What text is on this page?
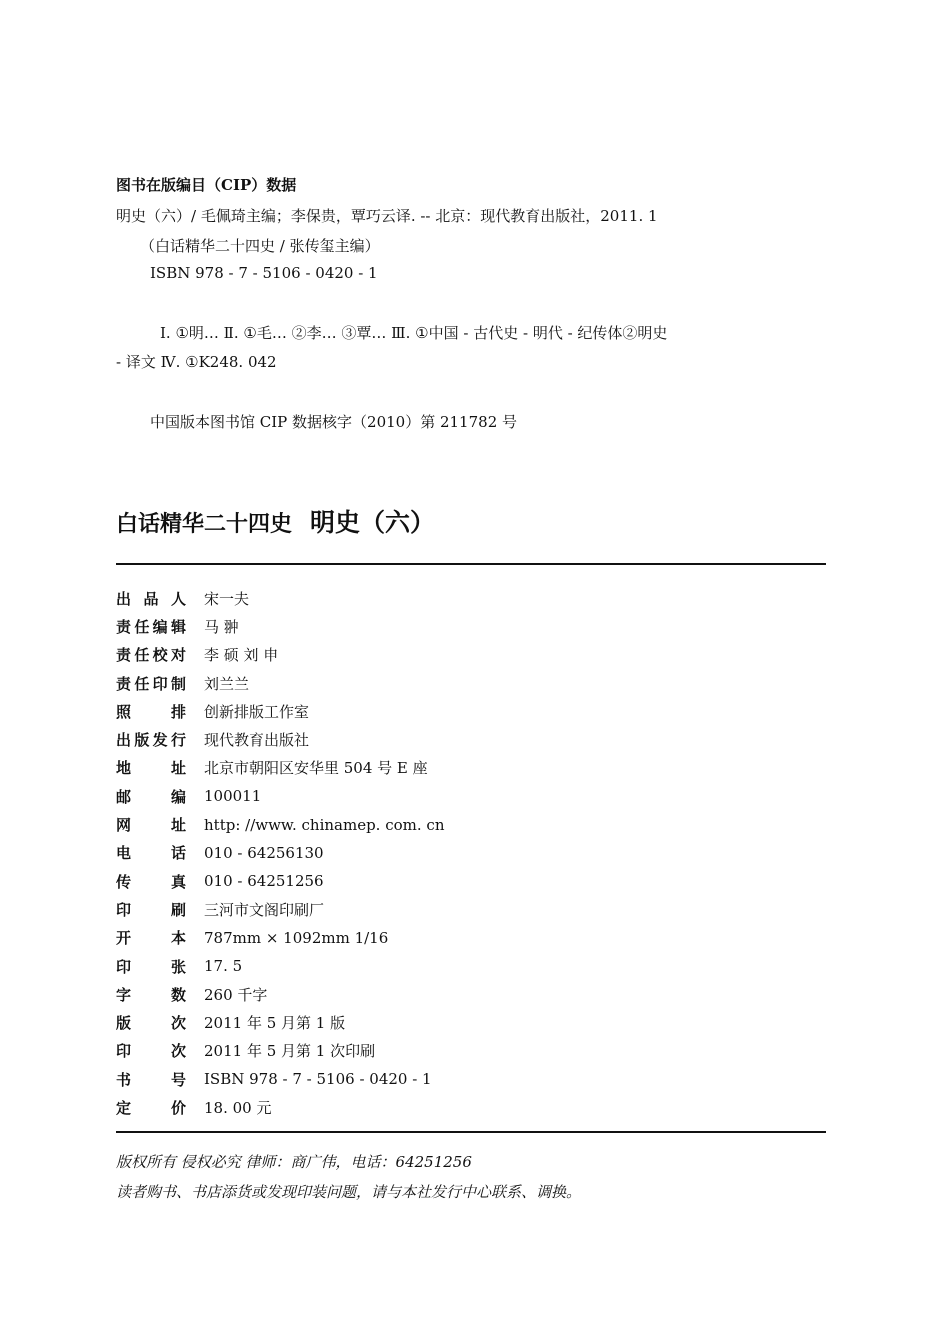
图书在版编目（CIP）数据
明史（六）/ 毛佩琦主编；李保贵，覃巧云译. -- 北京：现代教育出版社，2011. 1
（白话精华二十四史 / 张传玺主编）
ISBN 978 - 7 - 5106 - 0420 - 1
Ⅰ. ①明… Ⅱ. ①毛… ②李… ③覃… Ⅲ. ①中国 - 古代史 - 明代 - 纪传体②明史
- 译文 Ⅳ. ①K248. 042
中国版本图书馆 CIP 数据核字（2010）第 211782 号
白话精华二十四史 明史（六）
出品人 宋一夫
责任编辑 马 翀
责任校对 李 硕 刘 申
责任印制 刘兰兰
照排 创新排版工作室
出版发行 现代教育出版社
地址 北京市朝阳区安华里 504 号 E 座
邮编 100011
网址 http: //www. chinamep. com. cn
电话 010 - 64256130
传真 010 - 64251256
印刷 三河市文阁印刷厂
开本 787mm × 1092mm 1/16
印张 17. 5
字数 260 千字
版次 2011 年 5 月第 1 版
印次 2011 年 5 月第 1 次印刷
书号 ISBN 978 - 7 - 5106 - 0420 - 1
定价 18. 00 元
版权所有 侵权必究 律师：商广伟，电话：64251256
读者购书、书店添货或发现印装问题，请与本社发行中心联系、调换。
